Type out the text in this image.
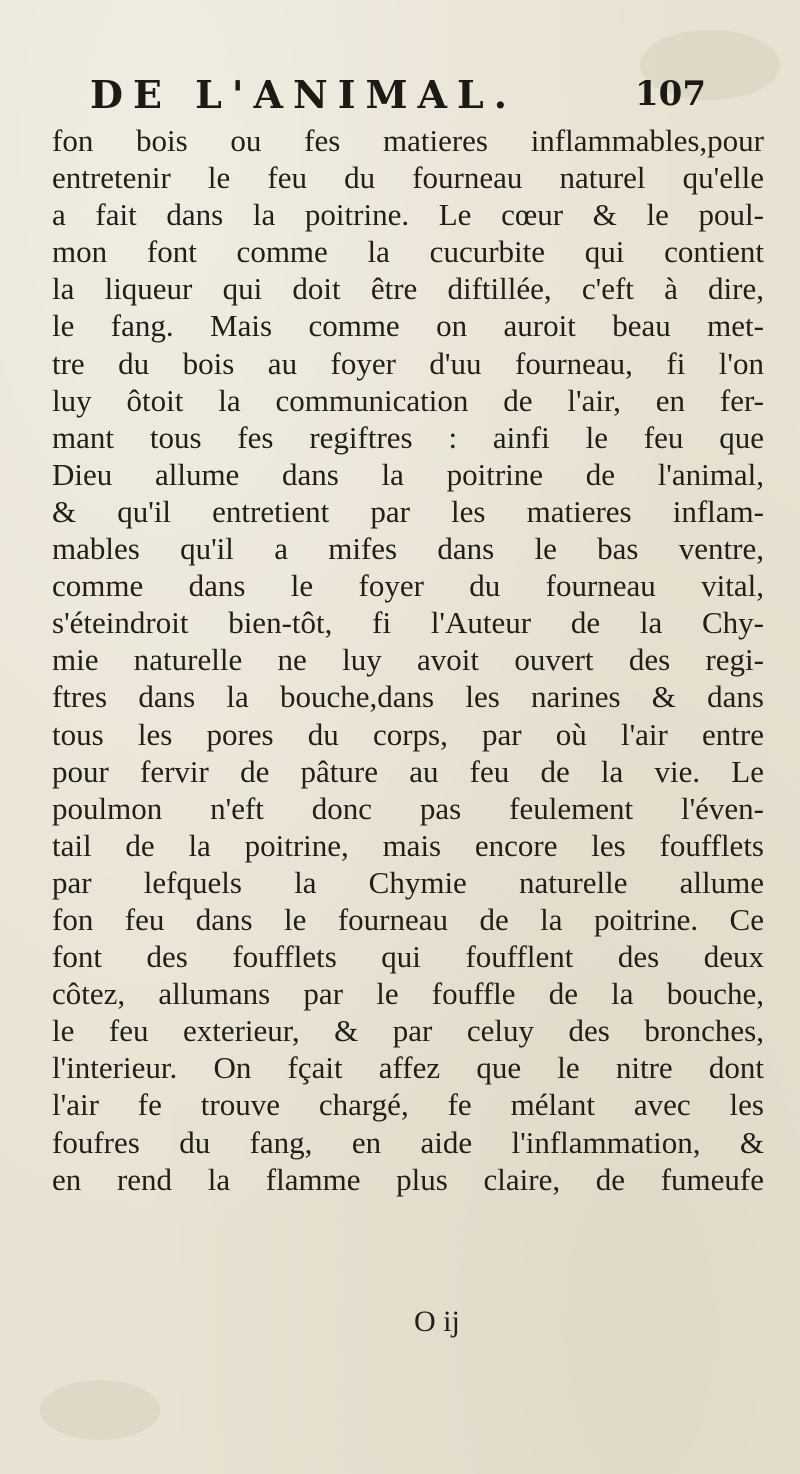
DE L'ANIMAL.	107
fon bois ou fes matieres inflammables,pour
entretenir le feu du fourneau naturel qu'elle
a fait dans la poitrine. Le cœur & le poul-
mon font comme la cucurbite qui contient
la liqueur qui doit être diftillée, c'eft à dire,
le fang. Mais comme on auroit beau met-
tre du bois au foyer d'uu fourneau, fi l'on
luy ôtoit la communication de l'air, en fer-
mant tous fes regiftres : ainfi le feu que
Dieu allume dans la poitrine de l'animal,
& qu'il entretient par les matieres inflam-
mables qu'il a mifes dans le bas ventre,
comme dans le foyer du fourneau vital,
s'éteindroit bien-tôt, fi l'Auteur de la Chy-
mie naturelle ne luy avoit ouvert des regi-
ftres dans la bouche,dans les narines & dans
tous les pores du corps, par où l'air entre
pour fervir de pâture au feu de la vie. Le
poulmon n'eft donc pas feulement l'éven-
tail de la poitrine, mais encore les foufflets
par lefquels la Chymie naturelle allume
fon feu dans le fourneau de la poitrine. Ce
font des foufflets qui foufflent des deux
côtez, allumans par le fouffle de la bouche,
le feu exterieur, & par celuy des bronches,
l'interieur. On fçait affez que le nitre dont
l'air fe trouve chargé, fe mélant avec les
foufres du fang, en aide l'inflammation, &
en rend la flamme plus claire, de fumeufe
O ij
